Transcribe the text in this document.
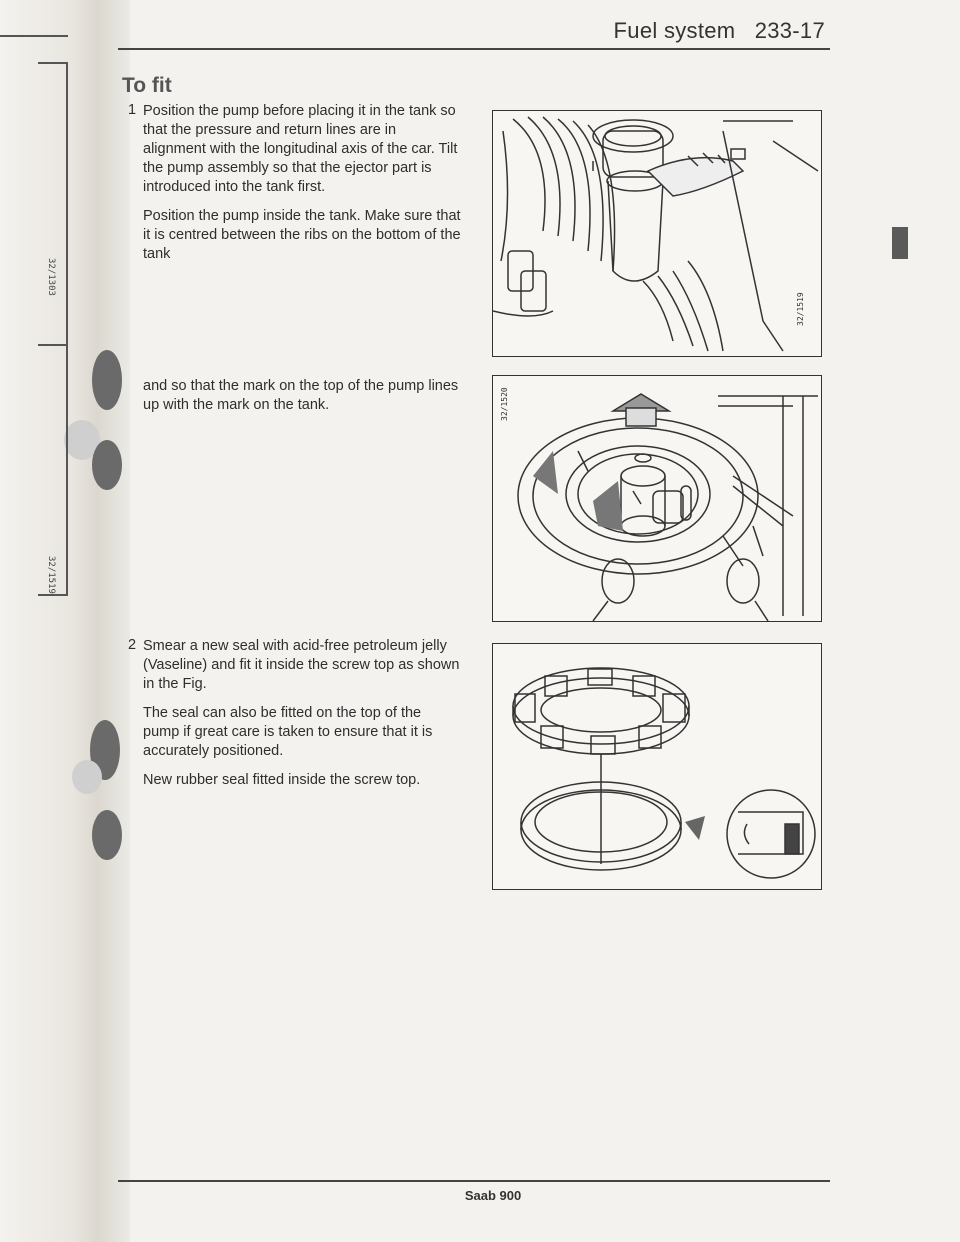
32/1303
32/1519
Fuel system 233-17
To fit
1 Position the pump before placing it in the tank so that the pressure and return lines are in alignment with the longitudinal axis of the car. Tilt the pump assembly so that the ejector part is introduced into the tank first.

Position the pump inside the tank. Make sure that it is centred between the ribs on the bottom of the tank

and so that the mark on the top of the pump lines up with the mark on the tank.

2 Smear a new seal with acid-free petroleum jelly (Vaseline) and fit it inside the screw top as shown in the Fig.

The seal can also be fitted on the top of the pump if great care is taken to ensure that it is accurately positioned.

New rubber seal fitted inside the screw top.

32/1519
32/1520
Saab 900
